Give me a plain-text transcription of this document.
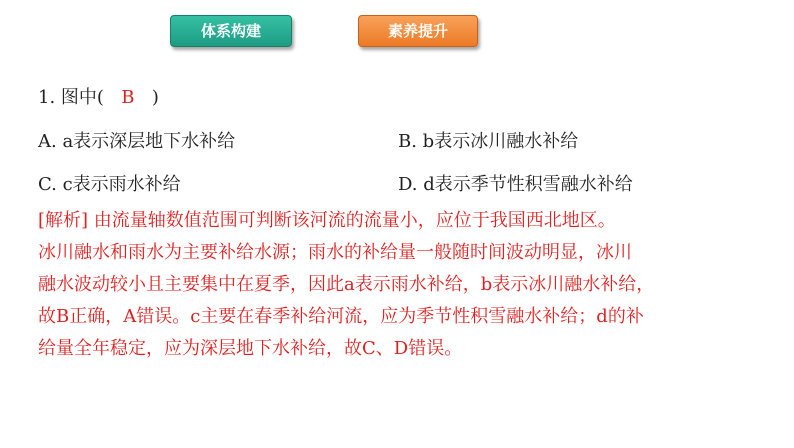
体系构建	素养提升
1. 图中( B )
A. a表示深层地下水补给	B. b表示冰川融水补给
C. c表示雨水补给	D. d表示季节性积雪融水补给
[解析] 由流量轴数值范围可判断该河流的流量小，应位于我国西北地区。
冰川融水和雨水为主要补给水源；雨水的补给量一般随时间波动明显，冰川
融水波动较小且主要集中在夏季，因此a表示雨水补给，b表示冰川融水补给，
故B正确，A错误。c主要在春季补给河流，应为季节性积雪融水补给；d的补
给量全年稳定，应为深层地下水补给，故C、D错误。
